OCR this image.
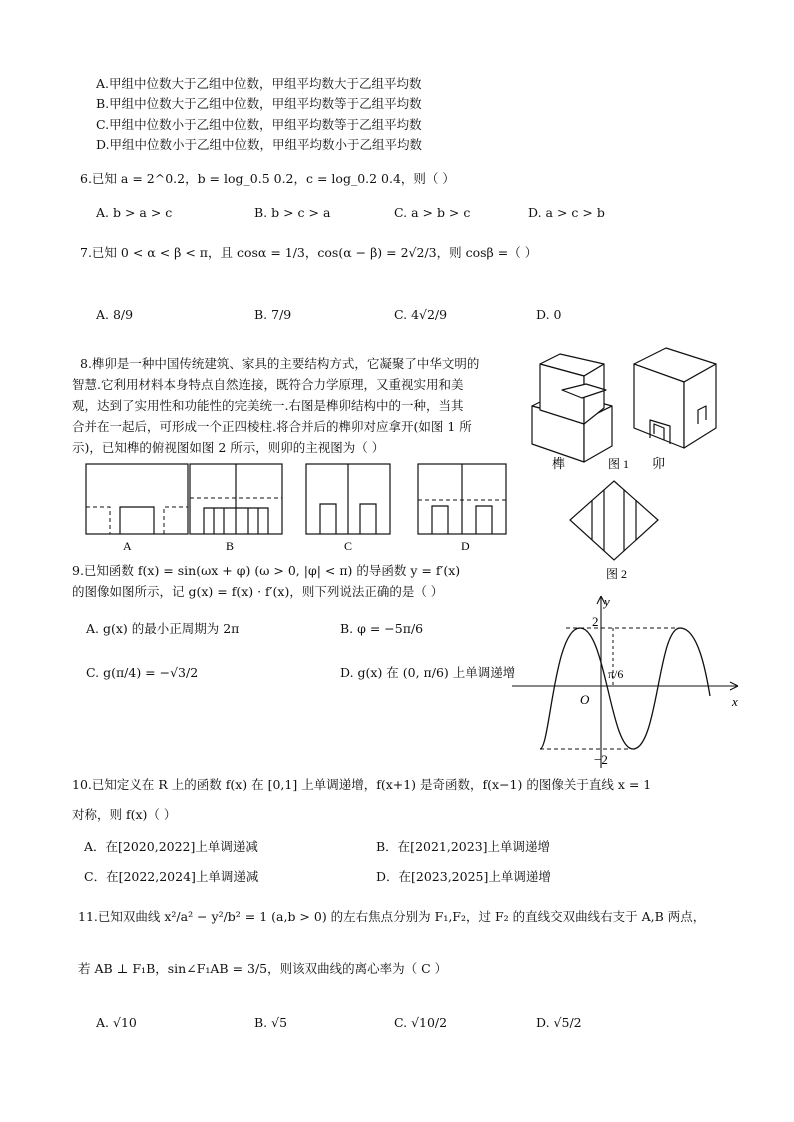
A.甲组中位数大于乙组中位数，甲组平均数大于乙组平均数
B.甲组中位数大于乙组中位数，甲组平均数等于乙组平均数
C.甲组中位数小于乙组中位数，甲组平均数等于乙组平均数
D.甲组中位数小于乙组中位数，甲组平均数小于乙组平均数
6.已知 a = 2^0.2，b = log_0.5 0.2，c = log_0.2 0.4，则（ ）
A. b > a > c	B. b > c > a	C. a > b > c	D. a > c > b
7.已知 0 < α < β < π，且 cosα = 1/3，cos(α − β) = 2√2/3，则 cosβ =（ ）
A. 8/9	B. 7/9	C. 4√2/9	D. 0
8.榫卯是一种中国传统建筑、家具的主要结构方式，它凝聚了中华文明的
智慧.它利用材料本身特点自然连接，既符合力学原理，又重视实用和美
观，达到了实用性和功能性的完美统一.右图是榫卯结构中的一种，当其
合并在一起后，可形成一个正四棱柱.将合并后的榫卯对应拿开(如图 1 所
示)，已知榫的俯视图如图 2 所示，则卯的主视图为（ ）
A	B	C	D
榫	图 1 卯
图 2
9.已知函数 f(x) = sin(ωx + φ) (ω > 0, |φ| < π) 的导函数 y = f′(x)
的图像如图所示，记 g(x) = f(x) · f′(x)，则下列说法正确的是（ ）
A. g(x) 的最小正周期为 2π	B. φ = −5π/6
C. g(π/4) = −√3/2	D. g(x) 在 (0, π/6) 上单调递增
y
x
O
2
−2
π/6
10.已知定义在 R 上的函数 f(x) 在 [0,1] 上单调递增，f(x+1) 是奇函数，f(x−1) 的图像关于直线 x = 1
对称，则 f(x)（ ）
A．在[2020,2022]上单调递减	B．在[2021,2023]上单调递增
C．在[2022,2024]上单调递减	D．在[2023,2025]上单调递增
11.已知双曲线 x²/a² − y²/b² = 1 (a,b > 0) 的左右焦点分别为 F₁,F₂，过 F₂ 的直线交双曲线右支于 A,B 两点，
若 AB ⊥ F₁B，sin∠F₁AB = 3/5，则该双曲线的离心率为（ C ）
A. √10	B. √5	C. √10/2	D. √5/2
